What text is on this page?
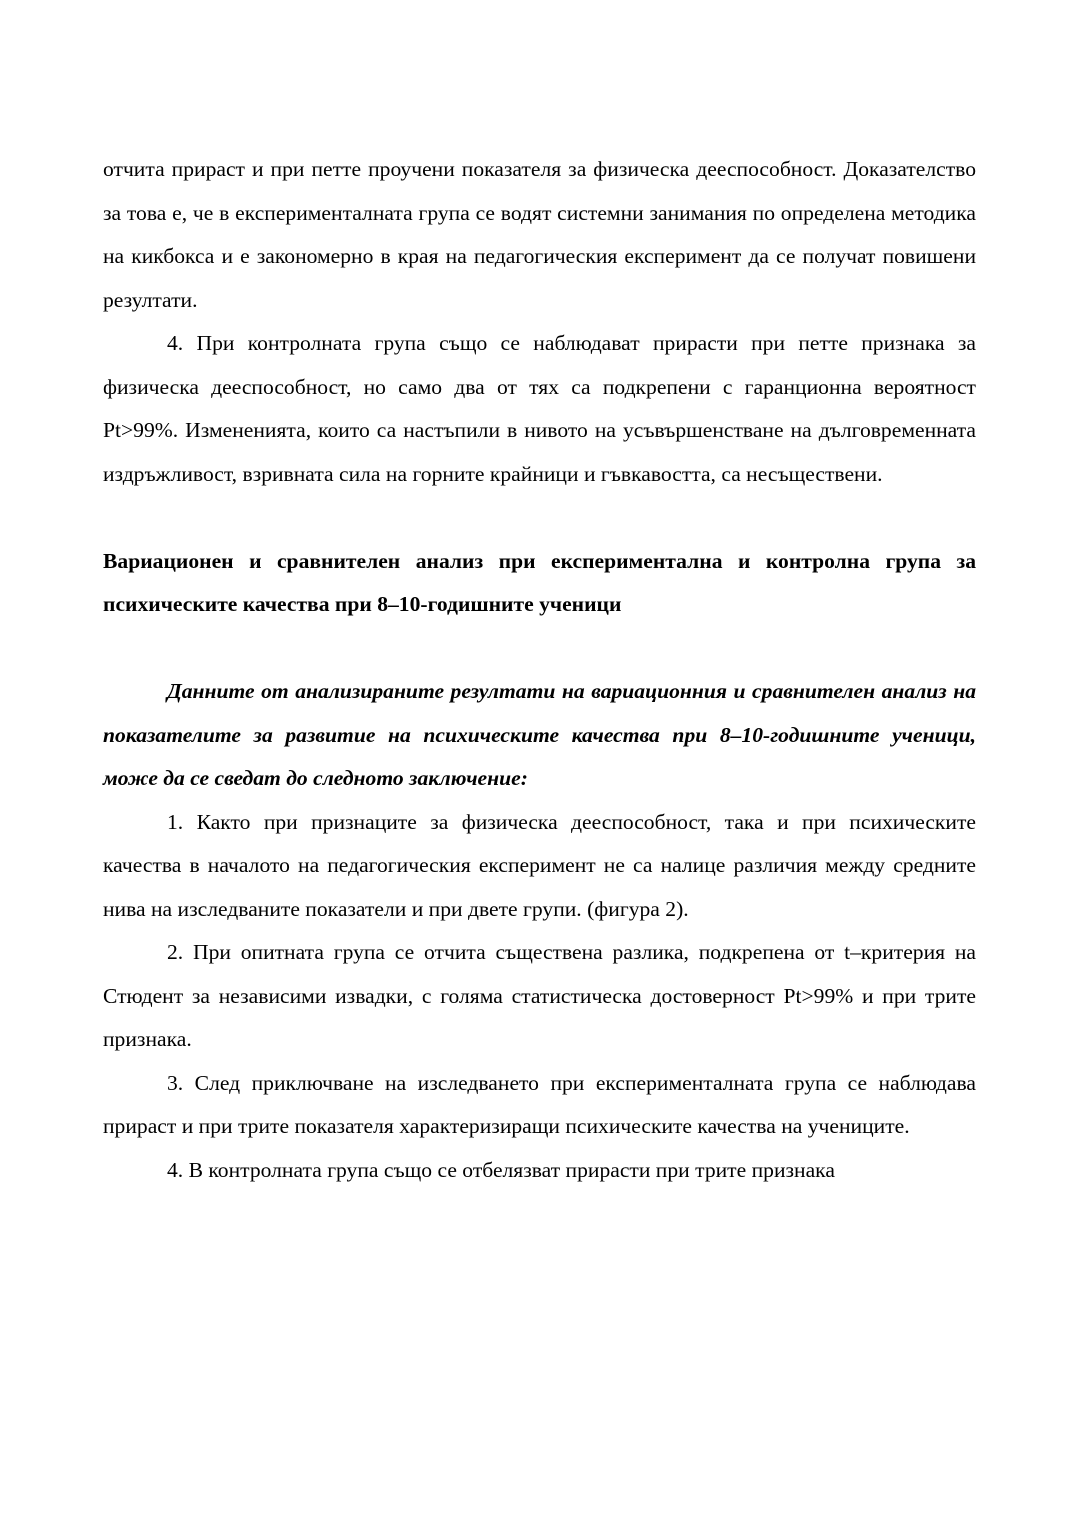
отчита прираст и при петте проучени показателя за физическа дееспособност. Доказателство за това е, че в експерименталната група се водят системни занимания по определена методика на кикбокса и е закономерно в края на педагогическия експеримент да се получат повишени резултати.

4. При контролната група също се наблюдават прирасти при петте признака за физическа дееспособност, но само два от тях са подкрепени с гаранционна вероятност Pt>99%. Измененията, които са настъпили в нивото на усъвършенстване на дълговременната издръжливост, взривната сила на горните крайници и гъвкавостта, са несъществени.

Вариационен и сравнителен анализ при експериментална и контролна група за психическите качества при 8–10-годишните ученици

Данните от анализираните резултати на вариационния и сравнителен анализ на показателите за развитие на психическите качества при 8–10-годишните ученици, може да се сведат до следното заключение:

1. Както при признаците за физическа дееспособност, така и при психическите качества в началото на педагогическия експеримент не са налице различия между средните нива на изследваните показатели и при двете групи. (фигура 2).

2. При опитната група се отчита съществена разлика, подкрепена от t–критерия на Стюдент за независими извадки, с голяма статистическа достоверност Pt>99% и при трите признака.

3. След приключване на изследването при експерименталната група се наблюдава прираст и при трите показателя характеризиращи психическите качества на учениците.

4. В контролната група също се отбелязват прирасти при трите признака
